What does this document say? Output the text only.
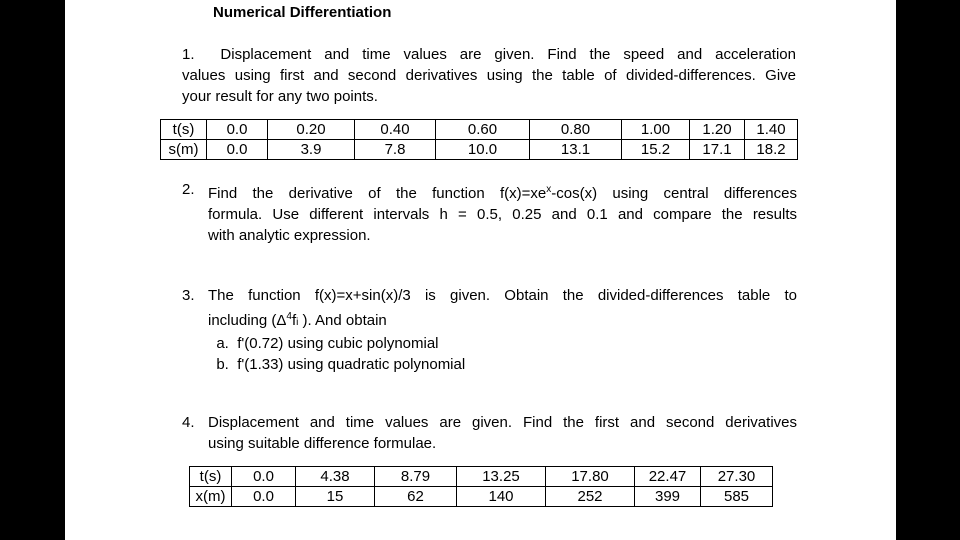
Numerical Differentiation
1. Displacement and time values are given. Find the speed and acceleration
values using first and second derivatives using the table of divided-differences. Give
your result for any two points.
t(s)	0.0	0.20	0.40	0.60	0.80	1.00	1.20	1.40
s(m)	0.0	3.9	7.8	10.0	13.1	15.2	17.1	18.2
2. Find the derivative of the function $f(x)=xe^x-\cos(x)$ using central differences
formula. Use different intervals h = 0.5, 0.25 and 0.1 and compare the results
with analytic expression.
3. The function f(x)=x+sin(x)/3 is given. Obtain the divided-differences table to
including ($\Delta^4fi$ ). And obtain
a. f'(0.72) using cubic polynomial
b. f'(1.33) using quadratic polynomial
4. Displacement and time values are given. Find the first and second derivatives
using suitable difference formulae.
t(s)	0.0	4.38	8.79	13.25	17.80	22.47	27.30
x(m)	0.0	15	62	140	252	399	585
